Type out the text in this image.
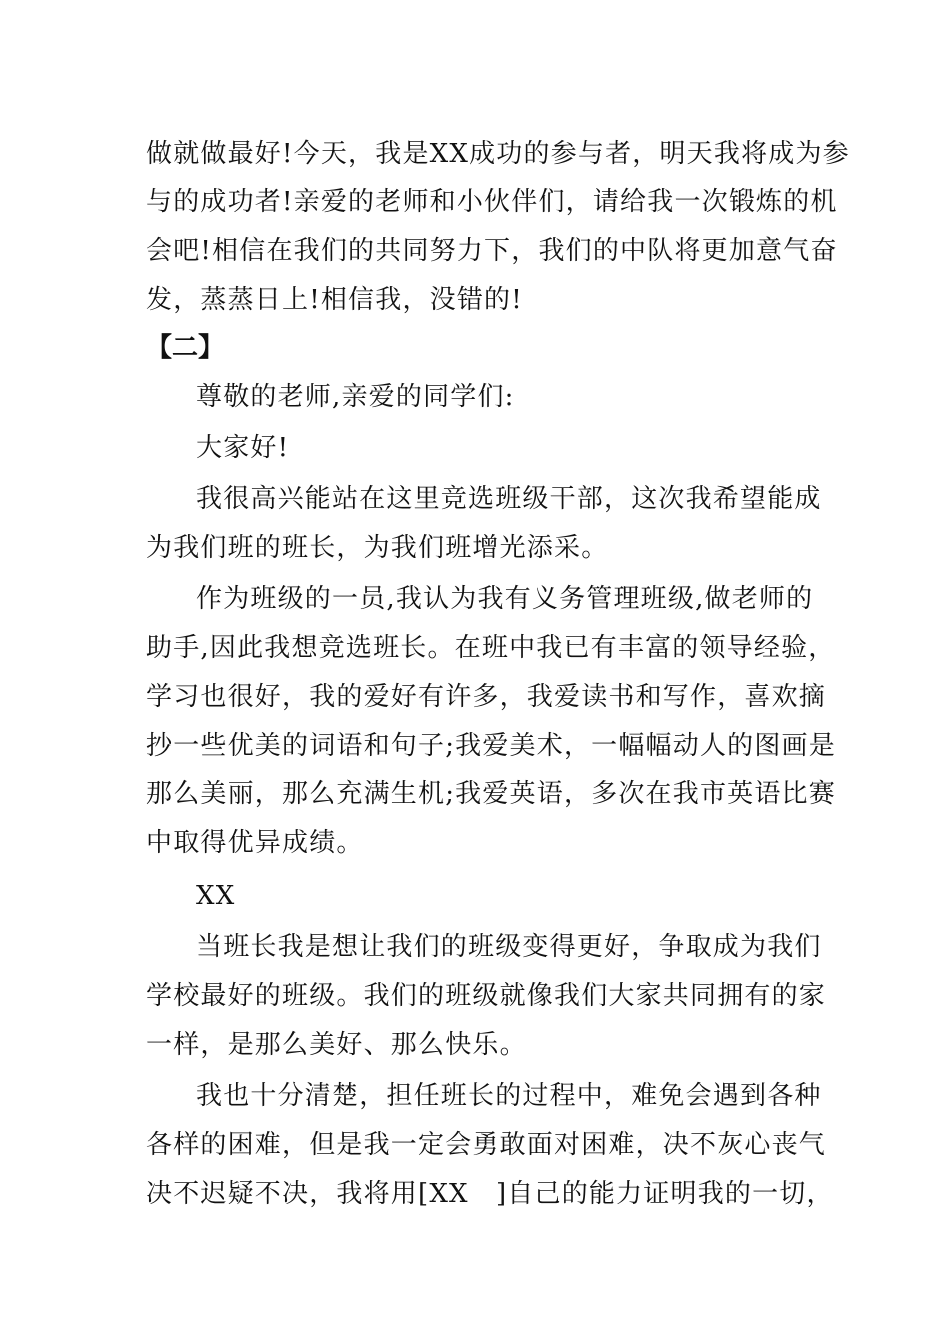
做就做最好!今天，我是XX成功的参与者，明天我将成为参
与的成功者!亲爱的老师和小伙伴们，请给我一次锻炼的机
会吧!相信在我们的共同努力下，我们的中队将更加意气奋
发，蒸蒸日上!相信我，没错的!
【二】
尊敬的老师,亲爱的同学们:
大家好!
我很高兴能站在这里竞选班级干部，这次我希望能成
为我们班的班长，为我们班增光添采。
作为班级的一员,我认为我有义务管理班级,做老师的
助手,因此我想竞选班长。在班中我已有丰富的领导经验，
学习也很好，我的爱好有许多，我爱读书和写作，喜欢摘
抄一些优美的词语和句子;我爱美术，一幅幅动人的图画是
那么美丽，那么充满生机;我爱英语，多次在我市英语比赛
中取得优异成绩。
XX
当班长我是想让我们的班级变得更好，争取成为我们
学校最好的班级。我们的班级就像我们大家共同拥有的家
一样，是那么美好、那么快乐。
我也十分清楚，担任班长的过程中，难免会遇到各种
各样的困难，但是我一定会勇敢面对困难，决不灰心丧气
决不迟疑不决，我将用[XX　]自己的能力证明我的一切，
